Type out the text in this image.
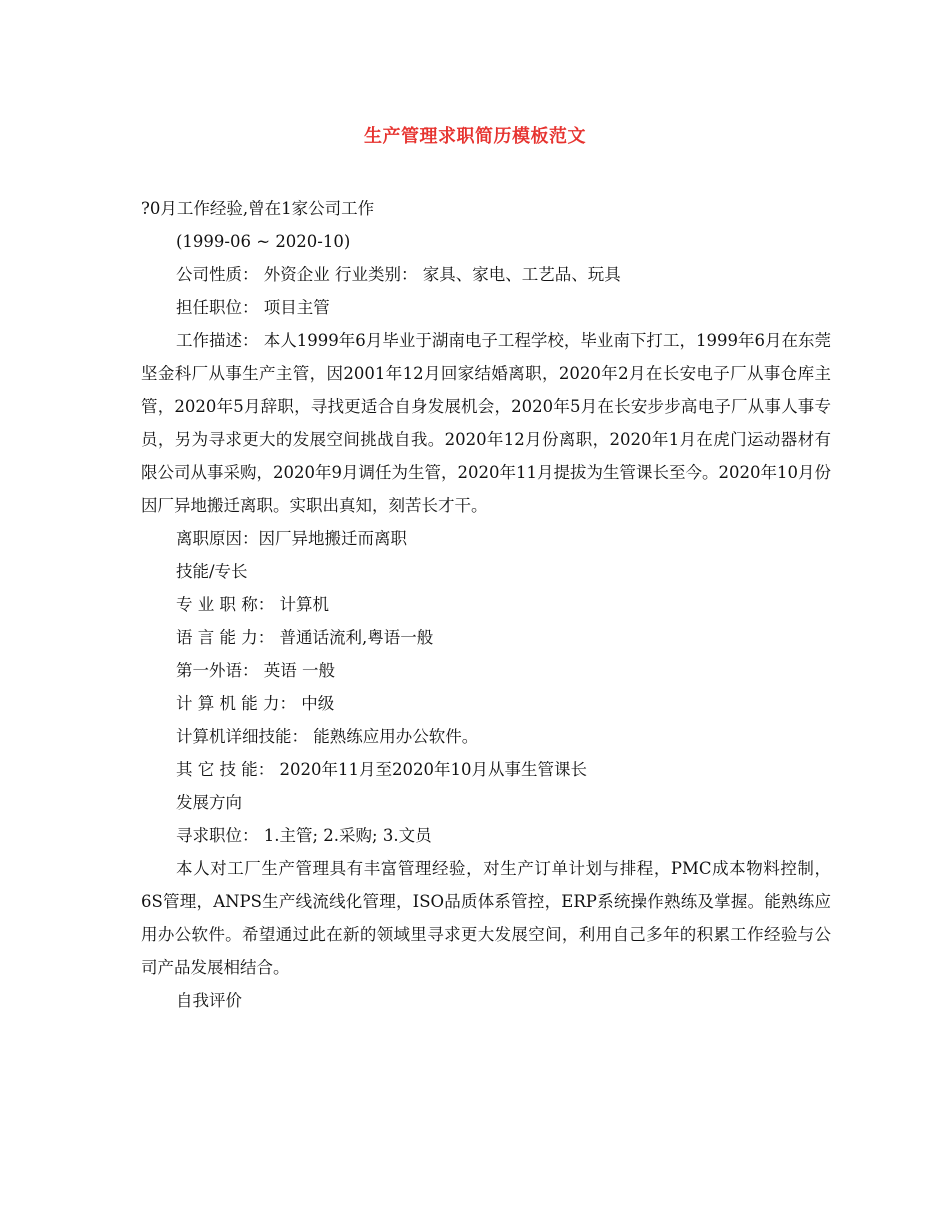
生产管理求职简历模板范文

?0月工作经验,曾在1家公司工作

(1999-06 ~ 2020-10)

公司性质： 外资企业 行业类别： 家具、家电、工艺品、玩具

担任职位： 项目主管

工作描述： 本人1999年6月毕业于湖南电子工程学校，毕业南下打工，1999年6月在东莞坚金科厂从事生产主管，因2001年12月回家结婚离职，2020年2月在长安电子厂从事仓库主管，2020年5月辞职，寻找更适合自身发展机会，2020年5月在长安步步高电子厂从事人事专员，另为寻求更大的发展空间挑战自我。2020年12月份离职，2020年1月在虎门运动器材有限公司从事采购，2020年9月调任为生管，2020年11月提拔为生管课长至今。2020年10月份因厂异地搬迁离职。实职出真知，刻苦长才干。

离职原因：因厂异地搬迁而离职

技能/专长

专 业 职 称： 计算机

语 言 能 力： 普通话流利,粤语一般

第一外语： 英语 一般

计 算 机 能 力： 中级

计算机详细技能： 能熟练应用办公软件。

其 它 技 能： 2020年11月至2020年10月从事生管课长

发展方向

寻求职位： 1.主管; 2.采购; 3.文员

本人对工厂生产管理具有丰富管理经验，对生产订单计划与排程，PMC成本物料控制，6S管理，ANPS生产线流线化管理，ISO品质体系管控，ERP系统操作熟练及掌握。能熟练应用办公软件。希望通过此在新的领域里寻求更大发展空间，利用自己多年的积累工作经验与公司产品发展相结合。

自我评价
